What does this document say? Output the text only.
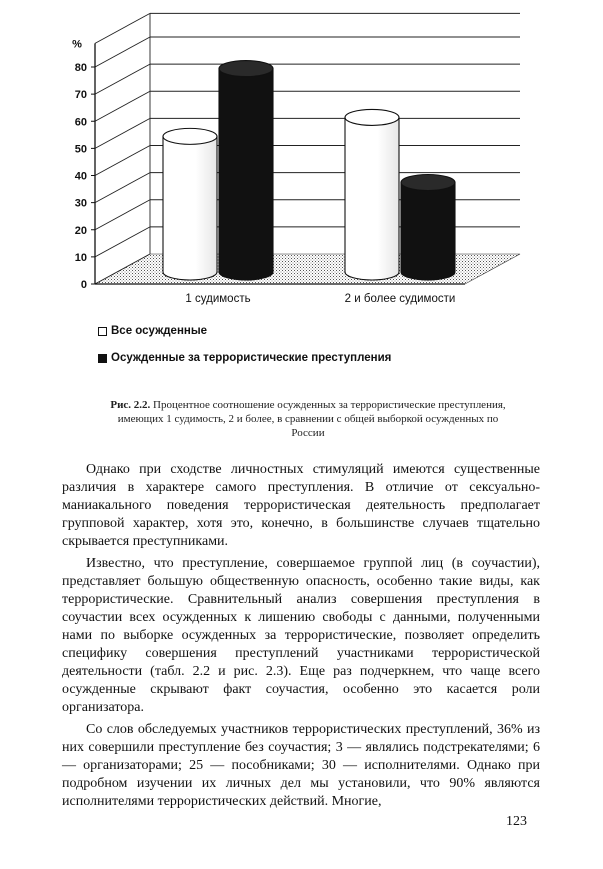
0
10
20
30
40
50
60
70
80
%
1 судимость	2 и более судимости
Все осужденные
Осужденные за террористические преступления
Рис. 2.2. Процентное соотношение осужденных за террористические преступления, имеющих 1 судимость, 2 и более, в сравнении с общей выборкой осужденных по России

Однако при сходстве личностных стимуляций имеются существенные различия в характере самого преступления. В отличие от сексуально-маниакального поведения террористическая деятельность предполагает групповой характер, хотя это, конечно, в большинстве случаев тщательно скрывается преступниками.

Известно, что преступление, совершаемое группой лиц (в соучастии), представляет большую общественную опасность, особенно такие виды, как террористические. Сравнительный анализ совершения преступления в соучастии всех осужденных к лишению свободы с данными, полученными нами по выборке осужденных за террористические, позволяет определить специфику совершения преступлений участниками террористической деятельности (табл. 2.2 и рис. 2.3). Еще раз подчеркнем, что чаще всего осужденные скрывают факт соучастия, особенно это касается роли организатора.

Со слов обследуемых участников террористических преступлений, 36% из них совершили преступление без соучастия; 3 — являлись подстрекателями; 6 — организаторами; 25 — пособниками; 30 — исполнителями. Однако при подробном изучении их личных дел мы установили, что 90% являются исполнителями террористических действий. Многие,

123
